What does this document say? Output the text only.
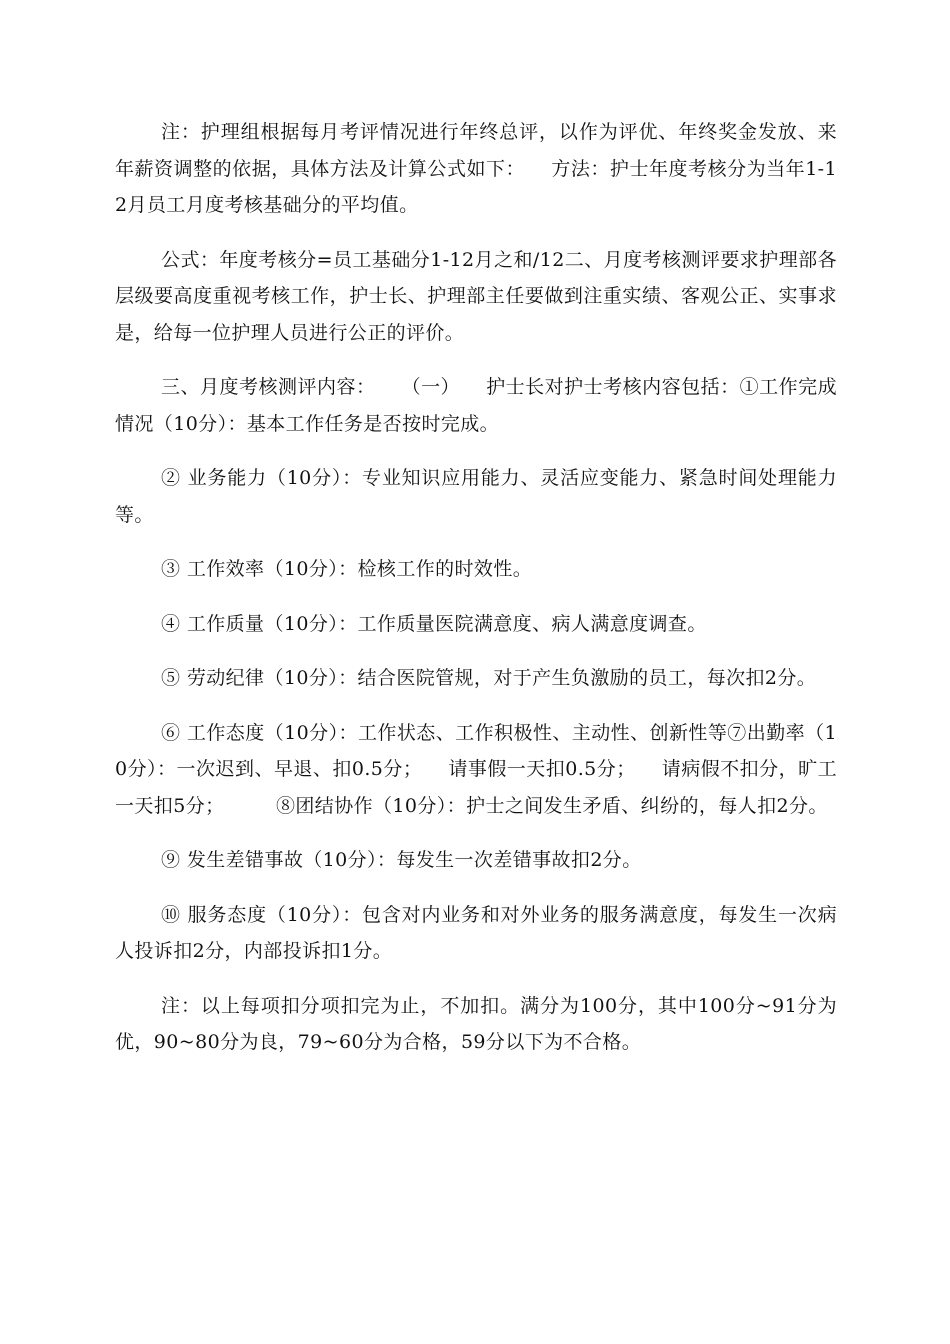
注：护理组根据每月考评情况进行年终总评，以作为评优、年终奖金发放、来年薪资调整的依据，具体方法及计算公式如下：    方法：护士年度考核分为当年1-12月员工月度考核基础分的平均值。

公式：年度考核分=员工基础分1-12月之和/12二、月度考核测评要求护理部各层级要高度重视考核工作，护士长、护理部主任要做到注重实绩、客观公正、实事求是，给每一位护理人员进行公正的评价。

三、月度考核测评内容：    （一）    护士长对护士考核内容包括：①工作完成情况（10分）：基本工作任务是否按时完成。

② 业务能力（10分）：专业知识应用能力、灵活应变能力、紧急时间处理能力等。

③ 工作效率（10分）：检核工作的时效性。

④ 工作质量（10分）：工作质量医院满意度、病人满意度调查。

⑤ 劳动纪律（10分）：结合医院管规，对于产生负激励的员工，每次扣2分。

⑥ 工作态度（10分）：工作状态、工作积极性、主动性、创新性等⑦出勤率（10分）：一次迟到、早退、扣0.5分；    请事假一天扣0.5分；    请病假不扣分，旷工一天扣5分；        ⑧团结协作（10分）：护士之间发生矛盾、纠纷的，每人扣2分。

⑨ 发生差错事故（10分）：每发生一次差错事故扣2分。

⑩ 服务态度（10分）：包含对内业务和对外业务的服务满意度，每发生一次病人投诉扣2分，内部投诉扣1分。

注：以上每项扣分项扣完为止，不加扣。满分为100分，其中100分~91分为优，90~80分为良，79~60分为合格，59分以下为不合格。
